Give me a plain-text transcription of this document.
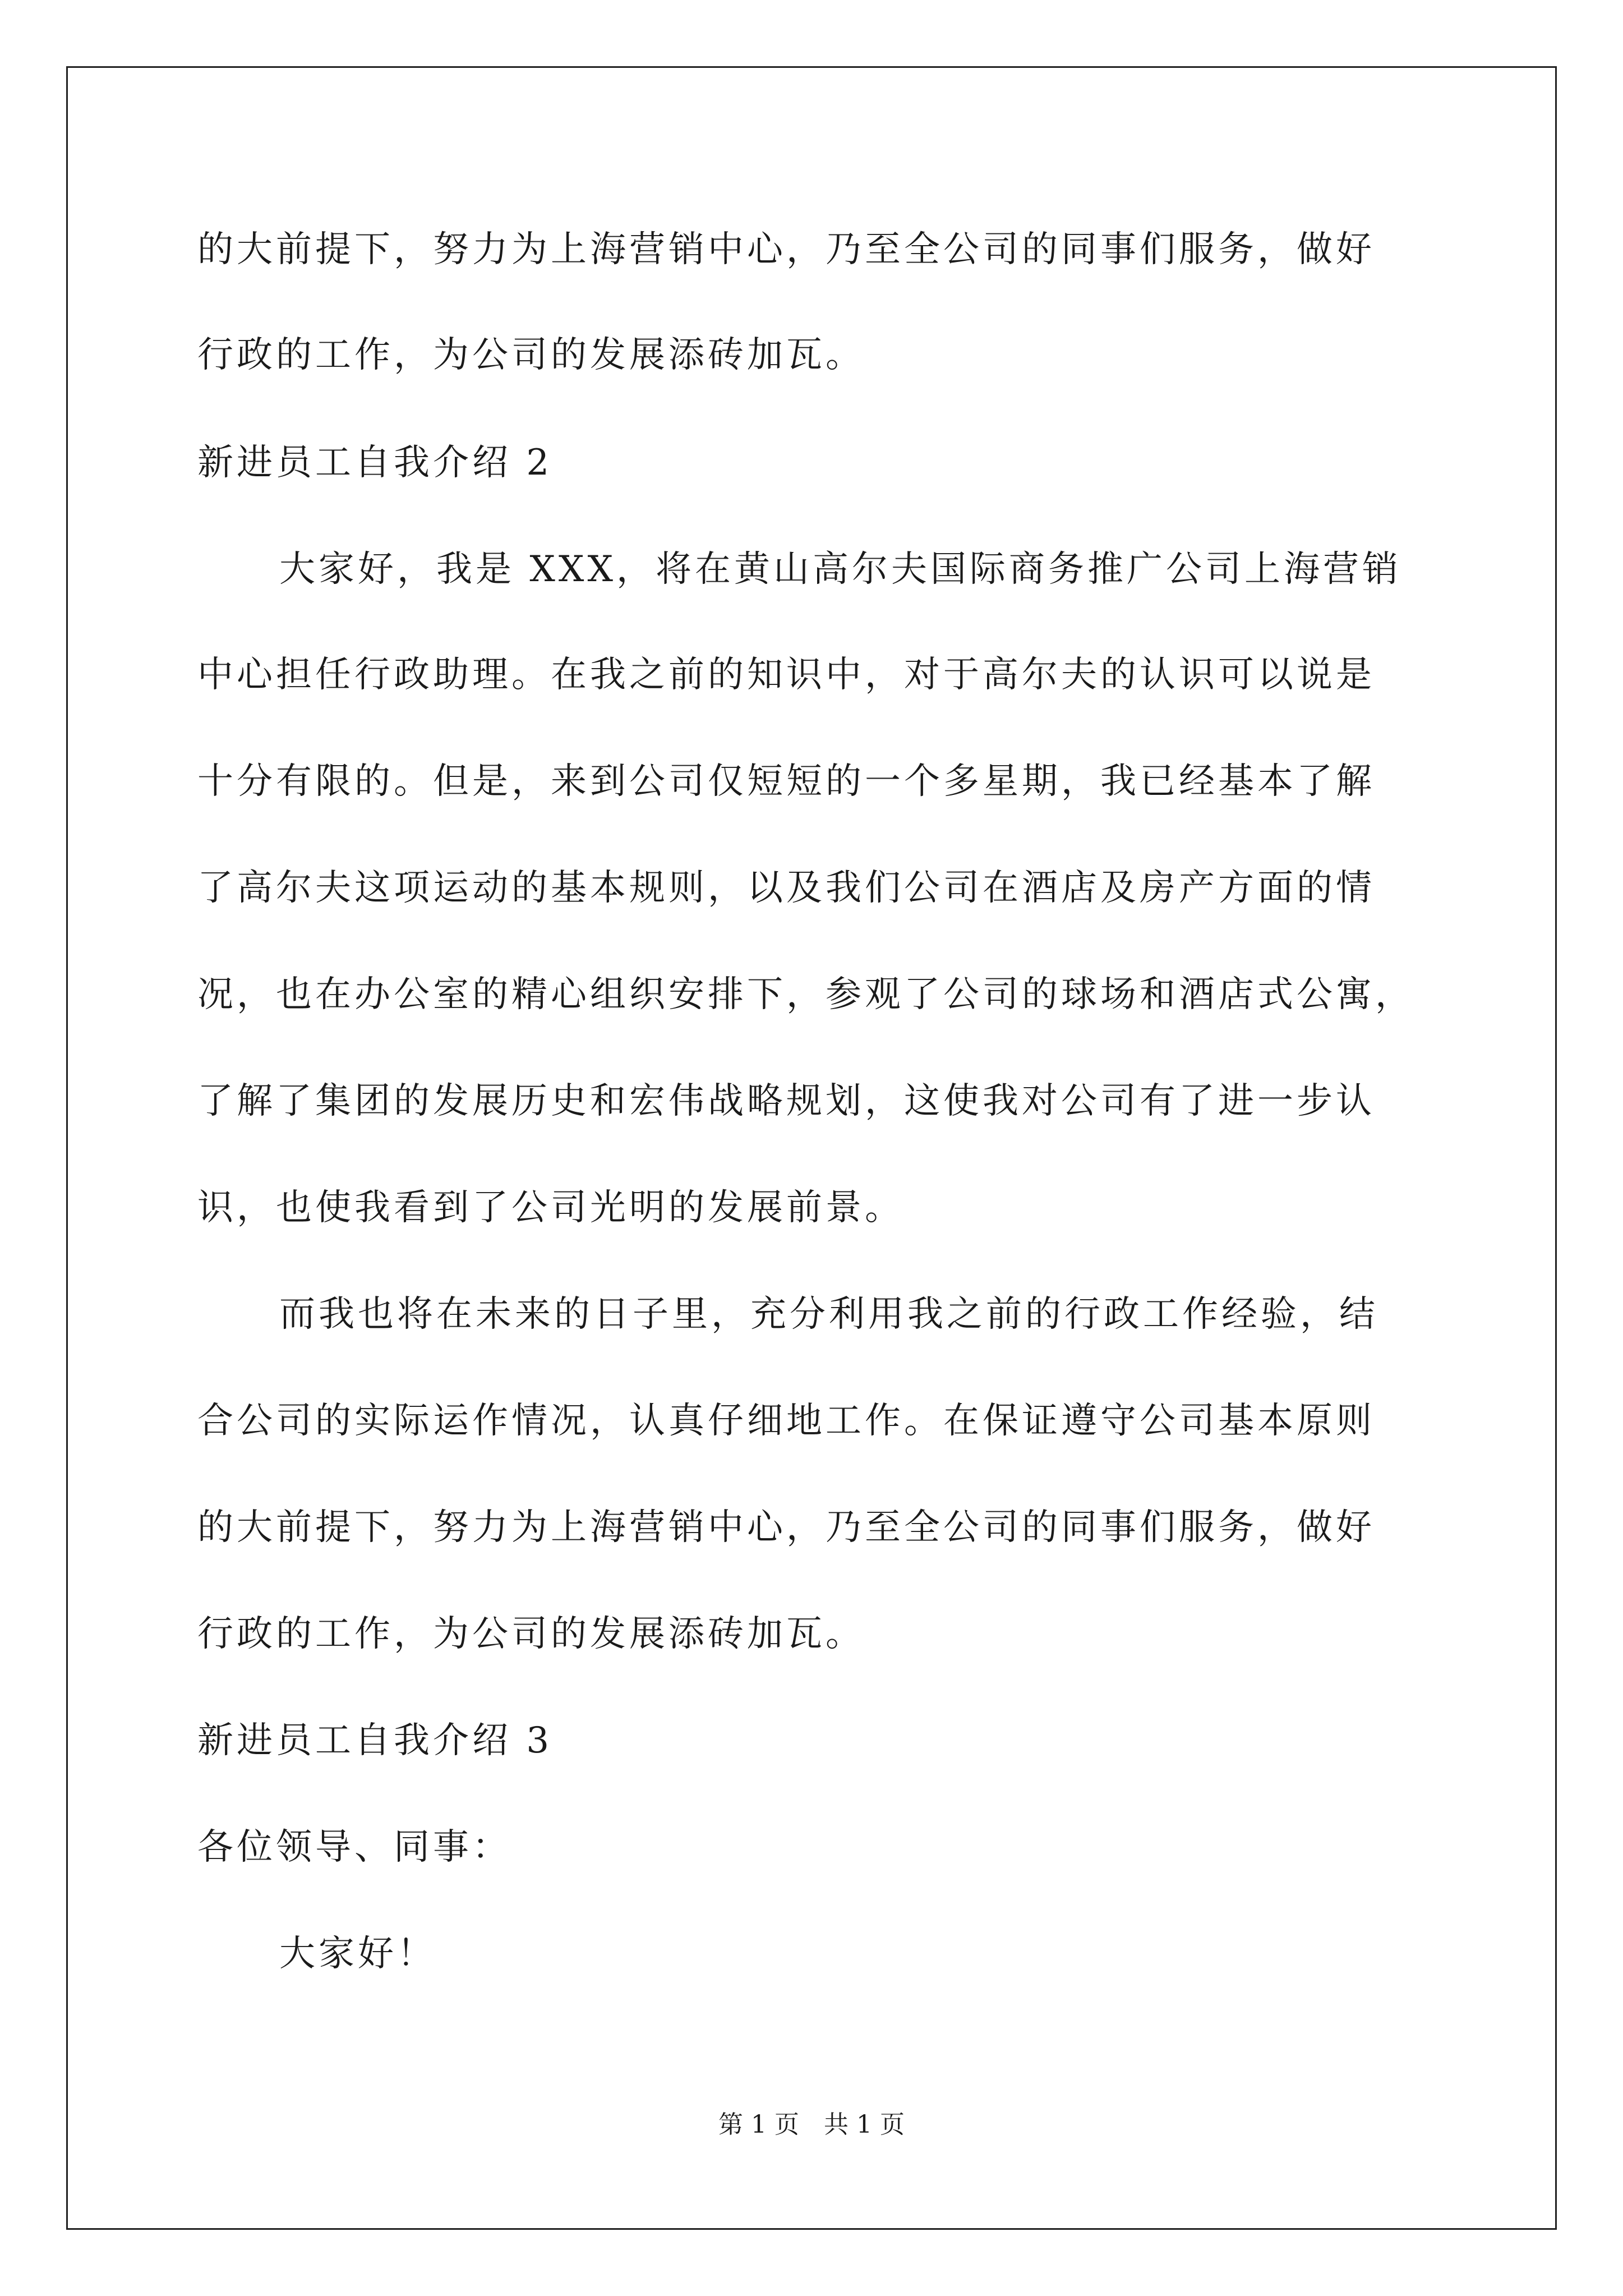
的大前提下，努力为上海营销中心，乃至全公司的同事们服务，做好
行政的工作，为公司的发展添砖加瓦。
新进员工自我介绍 2
大家好，我是 XXX，将在黄山高尔夫国际商务推广公司上海营销
中心担任行政助理。在我之前的知识中，对于高尔夫的认识可以说是
十分有限的。但是，来到公司仅短短的一个多星期，我已经基本了解
了高尔夫这项运动的基本规则，以及我们公司在酒店及房产方面的情
况，也在办公室的精心组织安排下，参观了公司的球场和酒店式公寓，
了解了集团的发展历史和宏伟战略规划，这使我对公司有了进一步认
识，也使我看到了公司光明的发展前景。
而我也将在未来的日子里，充分利用我之前的行政工作经验，结
合公司的实际运作情况，认真仔细地工作。在保证遵守公司基本原则
的大前提下，努力为上海营销中心，乃至全公司的同事们服务，做好
行政的工作，为公司的发展添砖加瓦。
新进员工自我介绍 3
各位领导、同事：
大家好！
第 1 页　共 1 页
